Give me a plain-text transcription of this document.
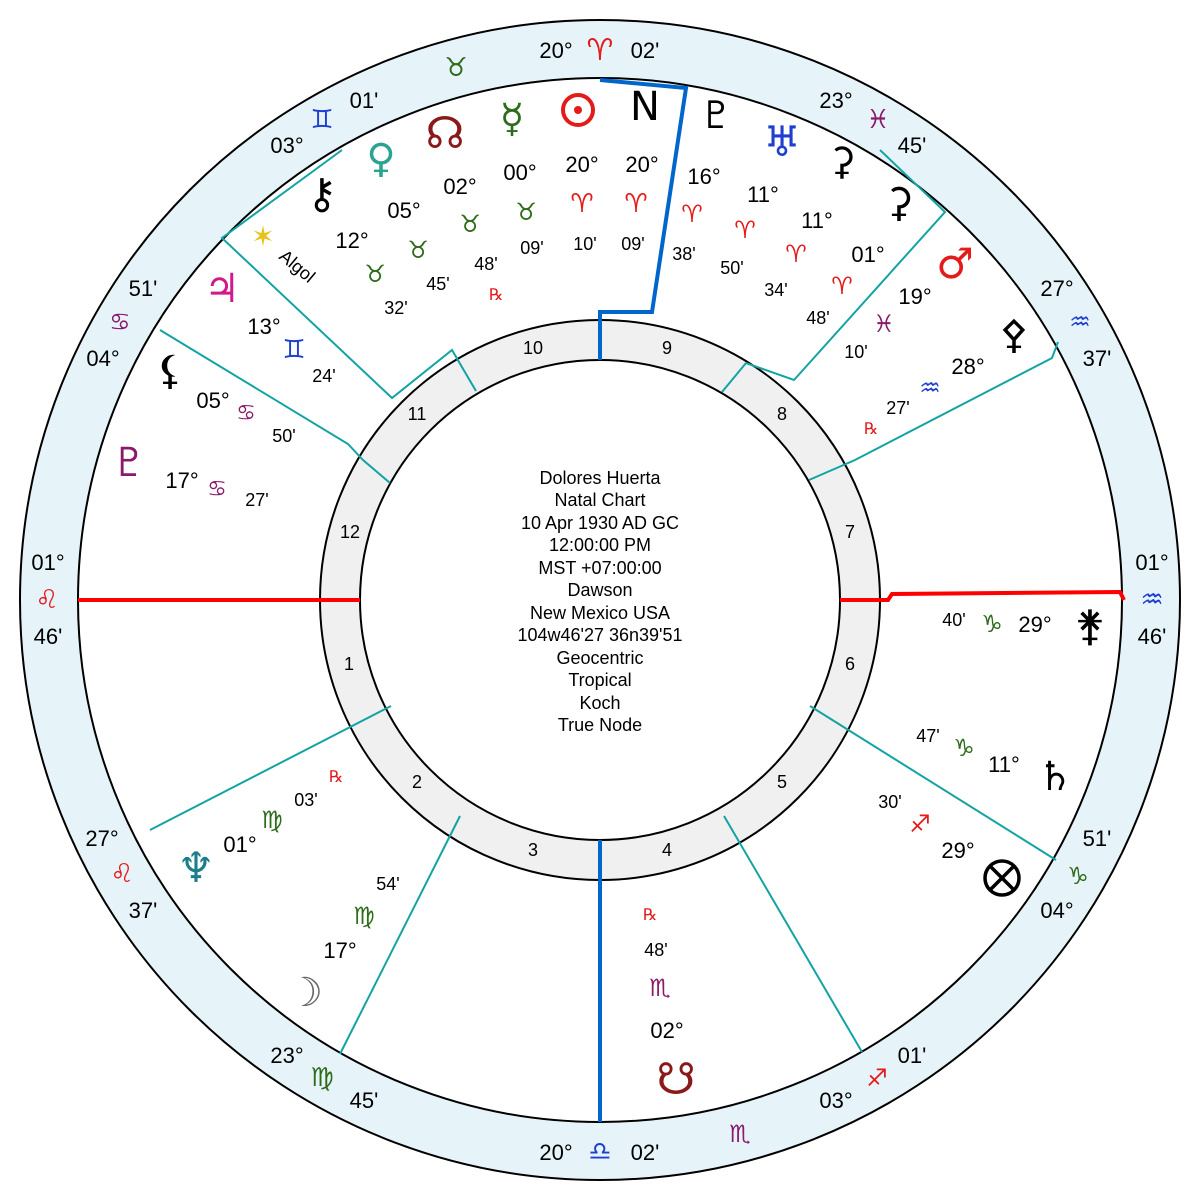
1
2
3	4
5
6
7
8
9
10
11
12
Dolores Huerta
Natal Chart
10 Apr 1930 AD GC
12:00:00 PM
MST +07:00:00
Dawson
New Mexico USA
104w46'27 36n39'51
Geocentric
Tropical
Koch
True Node
20° ♈ 02'
♉
01'
♊
03°
51'
♋
04°
01°
♌
46'
27°
♌
37'
23°
♍
45'
20° ♎ 02'
♏
01'
♐
03°
51'
♑
04°
01°
♒
46'
27°
♒
37'
23°
♓
45'
20°
♈
10'
N
20°
♈
09'
☿
00°
♉
09'
☊
02°
♉
48'
℞
♀
05°
♉
45'
⚷
12°
♉
32'
✶
Algol
♃
13°
♊
24'
⚸
05°
♋
50'
♇ 17° ♋ 27'
♆ 01°
♍
03'
℞
☽
17°
♍
54'
☋
02°
♏
48'
℞
29°
♐
30'
♄
11°
♑
47'
⚵
29°
♑
40'
⚴
28°
♒
27'
℞
♂
19°
♓
10'
⚳
01°
♈
48'
⚳
11°
♈
34'
♅
11°
♈
50'
♇
16°
♈
38'
